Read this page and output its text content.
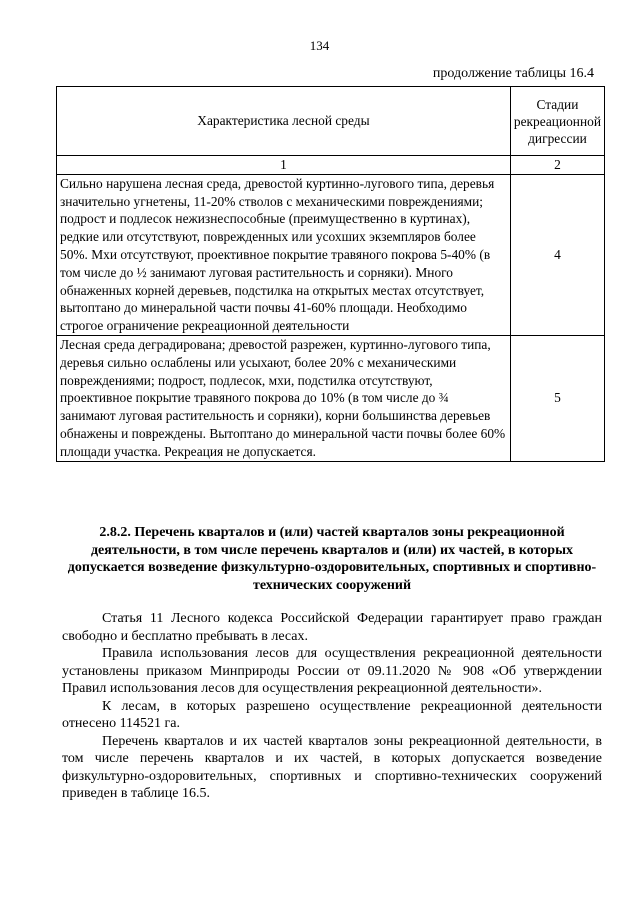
134
продолжение таблицы 16.4
Характеристика лесной среды	Стадии рекреационной дигрессии
1	2
Сильно нарушена лесная среда, древостой куртинно-лугового типа, деревья значительно угнетены, 11-20% стволов с механическими повреждениями; подрост и подлесок нежизнеспособные (преимущественно в куртинах), редкие или отсутствуют, поврежденных или усохших экземпляров более 50%. Мхи отсутствуют, проективное покрытие травяного покрова 5-40% (в том числе до ½ занимают луговая растительность и сорняки). Много обнаженных корней деревьев, подстилка на открытых местах отсутствует, вытоптано до минеральной части почвы 41-60% площади. Необходимо строгое ограничение рекреационной деятельности	4
Лесная среда деградирована; древостой разрежен, куртинно-лугового типа, деревья сильно ослаблены или усыхают, более 20% с механическими повреждениями; подрост, подлесок, мхи, подстилка отсутствуют, проективное покрытие травяного покрова до 10% (в том числе до ¾ занимают луговая растительность и сорняки), корни большинства деревьев обнажены и повреждены. Вытоптано до минеральной части почвы более 60% площади участка. Рекреация не допускается.	5
2.8.2. Перечень кварталов и (или) частей кварталов зоны рекреационной деятельности, в том числе перечень кварталов и (или) их частей, в которых допускается возведение физкультурно-оздоровительных, спортивных и спортивно-технических сооружений

Статья 11 Лесного кодекса Российской Федерации гарантирует право граждан свободно и бесплатно пребывать в лесах.

Правила использования лесов для осуществления рекреационной деятельности установлены приказом Минприроды России от 09.11.2020 № 908 «Об утверждении Правил использования лесов для осуществления рекреационной деятельности».

К лесам, в которых разрешено осуществление рекреационной деятельности отнесено 114521 га.

Перечень кварталов и их частей кварталов зоны рекреационной деятельности, в том числе перечень кварталов и их частей, в которых допускается возведение физкультурно-оздоровительных, спортивных и спортивно-технических сооружений приведен в таблице 16.5.
